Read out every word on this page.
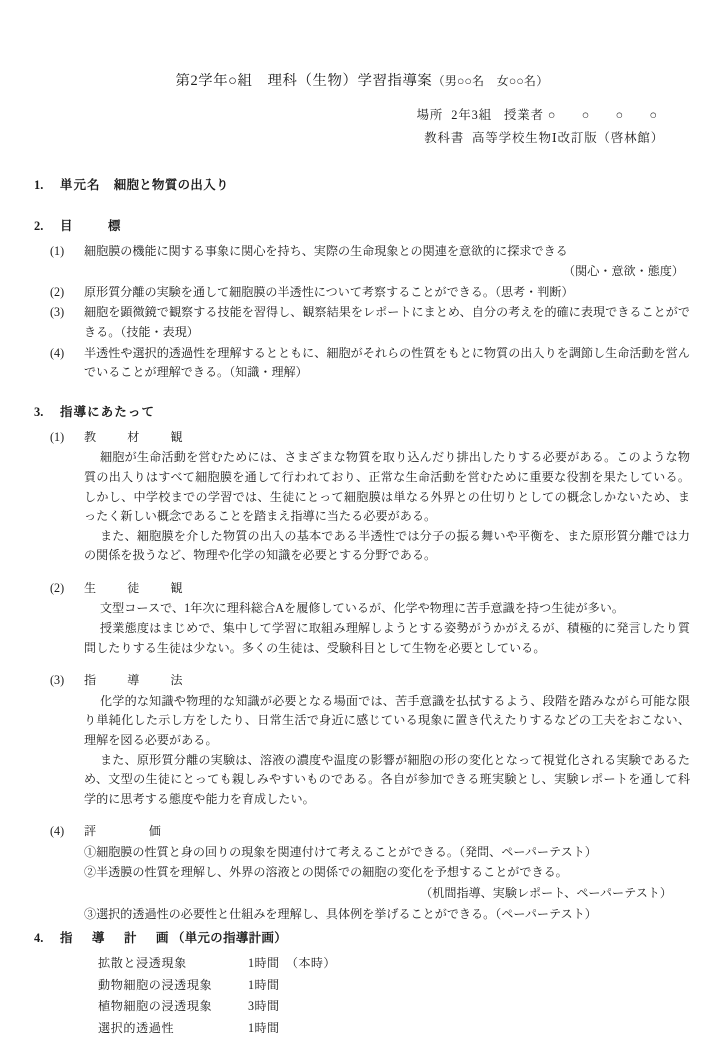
第2学年○組　理科（生物）学習指導案（男○○名　女○○名）
場所 2年3組 授業者 ○　○　○　○
教科書 高等学校生物Ⅰ改訂版（啓林館）
1.	単元名 細胞と物質の出入り
2.	目　　標
(1) 細胞膜の機能に関する事象に関心を持ち、実際の生命現象との関連を意欲的に探求できる
（関心・意欲・態度）
(2) 原形質分離の実験を通して細胞膜の半透性について考察することができる。（思考・判断）
(3) 細胞を顕微鏡で観察する技能を習得し、観察結果をレポートにまとめ、自分の考えを的確に表現できることができる。（技能・表現）
(4) 半透性や選択的透過性を理解するとともに、細胞がそれらの性質をもとに物質の出入りを調節し生命活動を営んでいることが理解できる。（知識・理解）
3.	指導にあたって
(1)	教　材　観
細胞が生命活動を営むためには、さまざまな物質を取り込んだり排出したりする必要がある。このような物質の出入りはすべて細胞膜を通して行われており、正常な生命活動を営むために重要な役割を果たしている。しかし、中学校までの学習では、生徒にとって細胞膜は単なる外界との仕切りとしての概念しかないため、まったく新しい概念であることを踏まえ指導に当たる必要がある。
また、細胞膜を介した物質の出入の基本である半透性では分子の振る舞いや平衡を、また原形質分離では力の関係を扱うなど、物理や化学の知識を必要とする分野である。
(2)	生　徒　観
文型コースで、1年次に理科総合Aを履修しているが、化学や物理に苦手意識を持つ生徒が多い。
授業態度はまじめで、集中して学習に取組み理解しようとする姿勢がうかがえるが、積極的に発言したり質問したりする生徒は少ない。多くの生徒は、受験科目として生物を必要としている。
(3)	指　導　法
化学的な知識や物理的な知識が必要となる場面では、苦手意識を払拭するよう、段階を踏みながら可能な限り単純化した示し方をしたり、日常生活で身近に感じている現象に置き代えたりするなどの工夫をおこない、理解を図る必要がある。
また、原形質分離の実験は、溶液の濃度や温度の影響が細胞の形の変化となって視覚化される実験であるため、文型の生徒にとっても親しみやすいものである。各自が参加できる班実験とし、実験レポートを通して科学的に思考する態度や能力を育成したい。
(4)	評　　価
①細胞膜の性質と身の回りの現象を関連付けて考えることができる。（発問、ペーパーテスト）
②半透膜の性質を理解し、外界の溶液との関係での細胞の変化を予想することができる。
（机間指導、実験レポート、ペーパーテスト）
③選択的透過性の必要性と仕組みを理解し、具体例を挙げることができる。（ペーパーテスト）
4.	指　導　計　画（単元の指導計画）
拡散と浸透現象	1時間　（本時）
動物細胞の浸透現象	1時間
植物細胞の浸透現象	3時間
選択的透過性	1時間
